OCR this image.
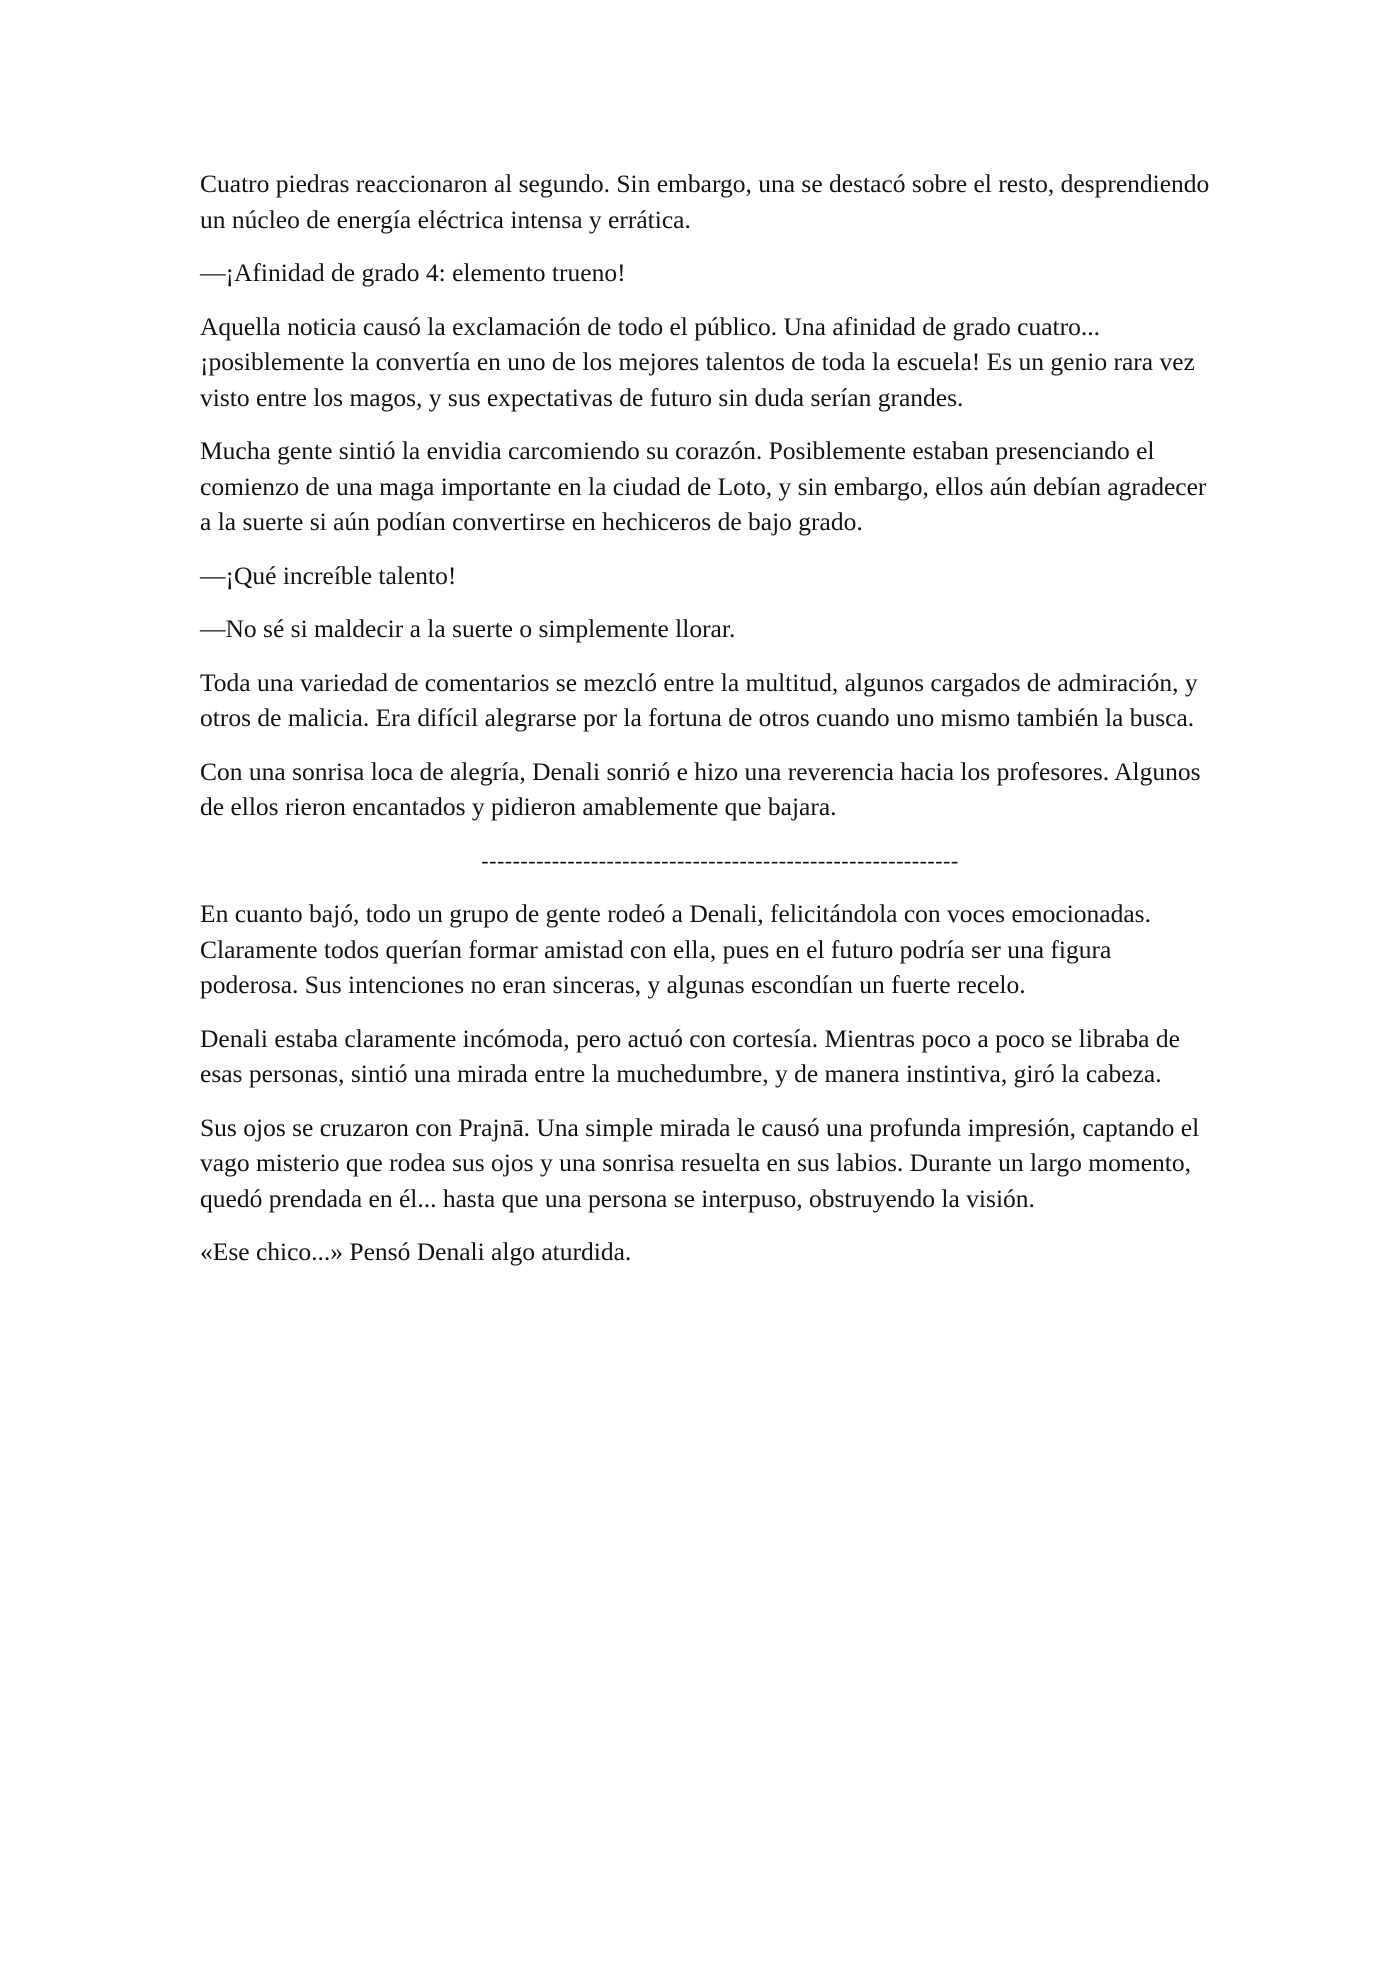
Cuatro piedras reaccionaron al segundo. Sin embargo, una se destacó sobre el resto, desprendiendo un núcleo de energía eléctrica intensa y errática.

—¡Afinidad de grado 4: elemento trueno!

Aquella noticia causó la exclamación de todo el público. Una afinidad de grado cuatro... ¡posiblemente la convertía en uno de los mejores talentos de toda la escuela! Es un genio rara vez visto entre los magos, y sus expectativas de futuro sin duda serían grandes.

Mucha gente sintió la envidia carcomiendo su corazón. Posiblemente estaban presenciando el comienzo de una maga importante en la ciudad de Loto, y sin embargo, ellos aún debían agradecer a la suerte si aún podían convertirse en hechiceros de bajo grado.

—¡Qué increíble talento!

—No sé si maldecir a la suerte o simplemente llorar.

Toda una variedad de comentarios se mezcló entre la multitud, algunos cargados de admiración, y otros de malicia. Era difícil alegrarse por la fortuna de otros cuando uno mismo también la busca.

Con una sonrisa loca de alegría, Denali sonrió e hizo una reverencia hacia los profesores. Algunos de ellos rieron encantados y pidieron amablemente que bajara.

-------------------------------------------------------------

En cuanto bajó, todo un grupo de gente rodeó a Denali, felicitándola con voces emocionadas. Claramente todos querían formar amistad con ella, pues en el futuro podría ser una figura poderosa. Sus intenciones no eran sinceras, y algunas escondían un fuerte recelo.

Denali estaba claramente incómoda, pero actuó con cortesía. Mientras poco a poco se libraba de esas personas, sintió una mirada entre la muchedumbre, y de manera instintiva, giró la cabeza.

Sus ojos se cruzaron con Prajnā. Una simple mirada le causó una profunda impresión, captando el vago misterio que rodea sus ojos y una sonrisa resuelta en sus labios. Durante un largo momento, quedó prendada en él... hasta que una persona se interpuso, obstruyendo la visión.

«Ese chico...» Pensó Denali algo aturdida.
